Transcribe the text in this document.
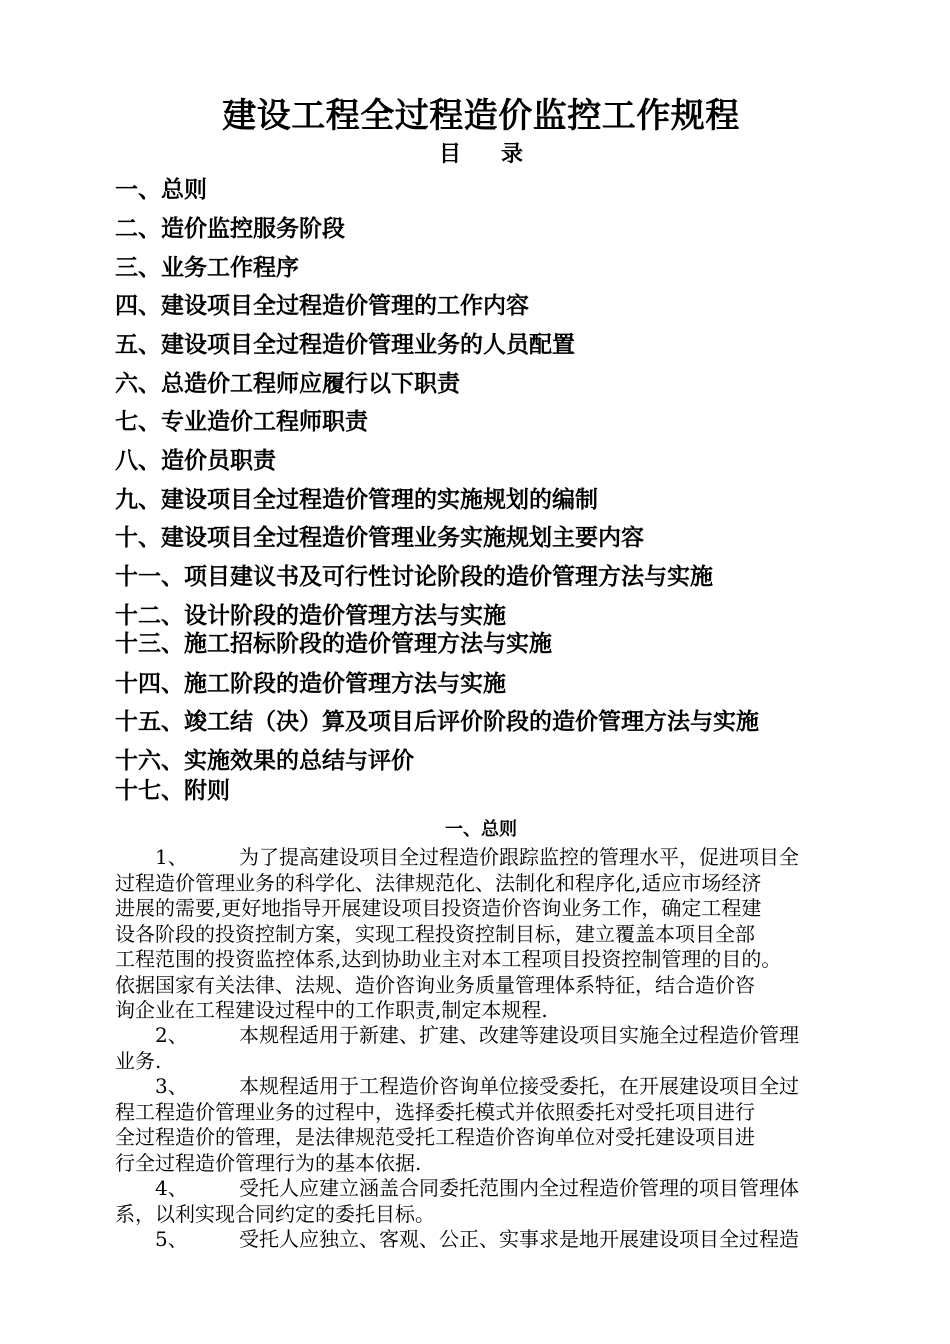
建设工程全过程造价监控工作规程
目 录
一、总则
二、造价监控服务阶段
三、业务工作程序
四、建设项目全过程造价管理的工作内容
五、建设项目全过程造价管理业务的人员配置
六、总造价工程师应履行以下职责
七、专业造价工程师职责
八、造价员职责
九、建设项目全过程造价管理的实施规划的编制
十、建设项目全过程造价管理业务实施规划主要内容
十一、项目建议书及可行性讨论阶段的造价管理方法与实施
十二、设计阶段的造价管理方法与实施
十三、施工招标阶段的造价管理方法与实施
十四、施工阶段的造价管理方法与实施
十五、竣工结（决）算及项目后评价阶段的造价管理方法与实施
十六、实施效果的总结与评价
十七、附则
一、总则
1、	为了提高建设项目全过程造价跟踪监控的管理水平，促进项目全
过程造价管理业务的科学化、法律规范化、法制化和程序化,适应市场经济
进展的需要,更好地指导开展建设项目投资造价咨询业务工作，确定工程建
设各阶段的投资控制方案，实现工程投资控制目标，建立覆盖本项目全部
工程范围的投资监控体系,达到协助业主对本工程项目投资控制管理的目的。
依据国家有关法律、法规、造价咨询业务质量管理体系特征，结合造价咨
询企业在工程建设过程中的工作职责,制定本规程.
2、	本规程适用于新建、扩建、改建等建设项目实施全过程造价管理
业务.
3、	本规程适用于工程造价咨询单位接受委托，在开展建设项目全过
程工程造价管理业务的过程中，选择委托模式并依照委托对受托项目进行
全过程造价的管理，是法律规范受托工程造价咨询单位对受托建设项目进
行全过程造价管理行为的基本依据.
4、	受托人应建立涵盖合同委托范围内全过程造价管理的项目管理体
系，以利实现合同约定的委托目标。
5、	受托人应独立、客观、公正、实事求是地开展建设项目全过程造
